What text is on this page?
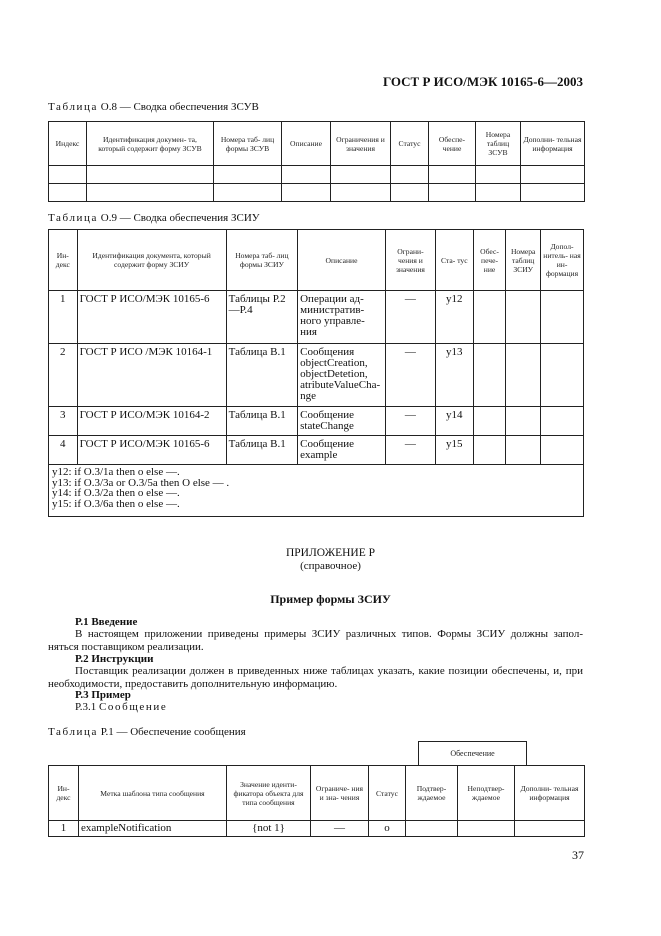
ГОСТ Р ИСО/МЭК 10165-6—2003
Таблица О.8 — Сводка обеспечения ЗСУВ
Индекс	Идентификация докумен- та, который содержит форму ЗСУВ	Номера таб- лиц формы ЗСУВ	Описание	Ограничения и значения	Статус	Обеспе- чение	Номера таблиц ЗСУВ	Дополни- тельная информация

Таблица О.9 — Сводка обеспечения ЗСИУ
Ин- декс	Идентификация документа, который содержит форму ЗСИУ	Номера таб- лиц формы ЗСИУ	Описание	Ограни- чения и значения	Ста- тус	Обес- пече- ние	Номера таблиц ЗСИУ	Допол- нитель- ная ин- формация
1	ГОСТ Р ИСО/МЭК 10165-6	Таблицы Р.2—Р.4	Операции ад- министратив- ного управле- ния	—	у12			
2	ГОСТ Р ИСО /МЭК 10164-1	Таблица В.1	Сообщения objectCreation, objectDetetion, atributeValueCha- nge	—	у13			
3	ГОСТ Р ИСО/МЭК 10164-2	Таблица В.1	Сообщение stateChange	—	у14			
4	ГОСТ Р ИСО/МЭК 10165-6	Таблица В.1	Сообщение example	—	у15			

у12: if O.3/1a then o else —.
у13: if O.3/3a or O.3/5a then O else — .
у14: if O.3/2a then o else —.
у15: if O.3/6a then o else —.								
ПРИЛОЖЕНИЕ Р
(справочное)
Пример формы ЗСИУ
Р.1 Введение
В настоящем приложении приведены примеры ЗСИУ различных типов. Формы ЗСИУ должны запол- няться поставщиком реализации.
Р.2 Инструкции
Поставщик реализации должен в приведенных ниже таблицах указать, какие позиции обеспечены, и, при необходимости, предоставить дополнительную информацию.
Р.3 Пример
Р.3.1 Сообщение
Таблица Р.1 — Обеспечение сообщения
Обеспечение
Ин- декс	Метка шаблона типа сообщения	Значение иденти- фикатора объекта для типа сообщения	Ограниче- ния и зна- чения	Статус	Подтвер- ждаемое	Неподтвер- ждаемое	Дополни- тельная информация
1	exampleNotification	{not 1}	—	o			
37
